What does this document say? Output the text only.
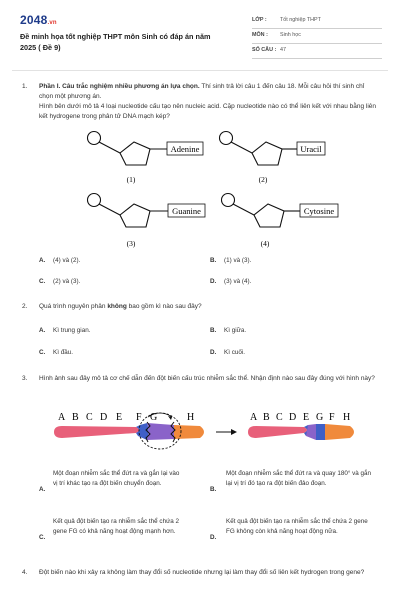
2048.vn
Đề minh họa tốt nghiệp THPT môn Sinh có đáp án năm 2025 ( Đề 9)
LỚP :	Tốt nghiệp THPT
MÔN :	Sinh học
SỐ CÂU : 47
1. Phần I. Câu trắc nghiệm nhiều phương án lựa chọn. Thí sinh trả lời câu 1 đến câu 18. Mỗi câu hỏi thí sinh chỉ chọn một phương án.
Hình bên dưới mô tả 4 loại nucleotide cấu tạo nên nucleic acid. Cặp nucleotide nào có thể liên kết với nhau bằng liên kết hydrogene trong phân tử DNA mạch kép?
Adenine
(1)
Uracil
(2)
Guanine
(3)
Cytosine
(4)
A. (4) và (2).	B. (1) và (3).
C. (2) và (3).	D. (3) và (4).
2. Quá trình nguyên phân không bao gồm kì nào sau đây?
A. Kì trung gian.	B. Kì giữa.
C. Kì đầu.	D. Kì cuối.
3. Hình ảnh sau đây mô tả cơ chế dẫn đến đột biến cấu trúc nhiễm sắc thể. Nhận định nào sau đây đúng với hình này?
A B C D E F G	H	A B C D E G F H
A.
Một đoạn nhiễm sắc thể đứt ra và gắn lại vào vị trí khác tạo ra đột biến chuyển đoạn.
B.
Một đoạn nhiễm sắc thể đứt ra và quay 180° và gắn lại vị trí đó tạo ra đột biến đảo đoạn.
C.
Kết quả đột biến tạo ra nhiễm sắc thể chứa 2 gene FG có khả năng hoạt động mạnh hơn.
D.
Kết quả đột biến tạo ra nhiễm sắc thể chứa 2 gene FG không còn khả năng hoạt động nữa.
4. Đột biến nào khi xảy ra không làm thay đổi số nucleotide nhưng lại làm thay đổi số liên kết hydrogen trong gene?
